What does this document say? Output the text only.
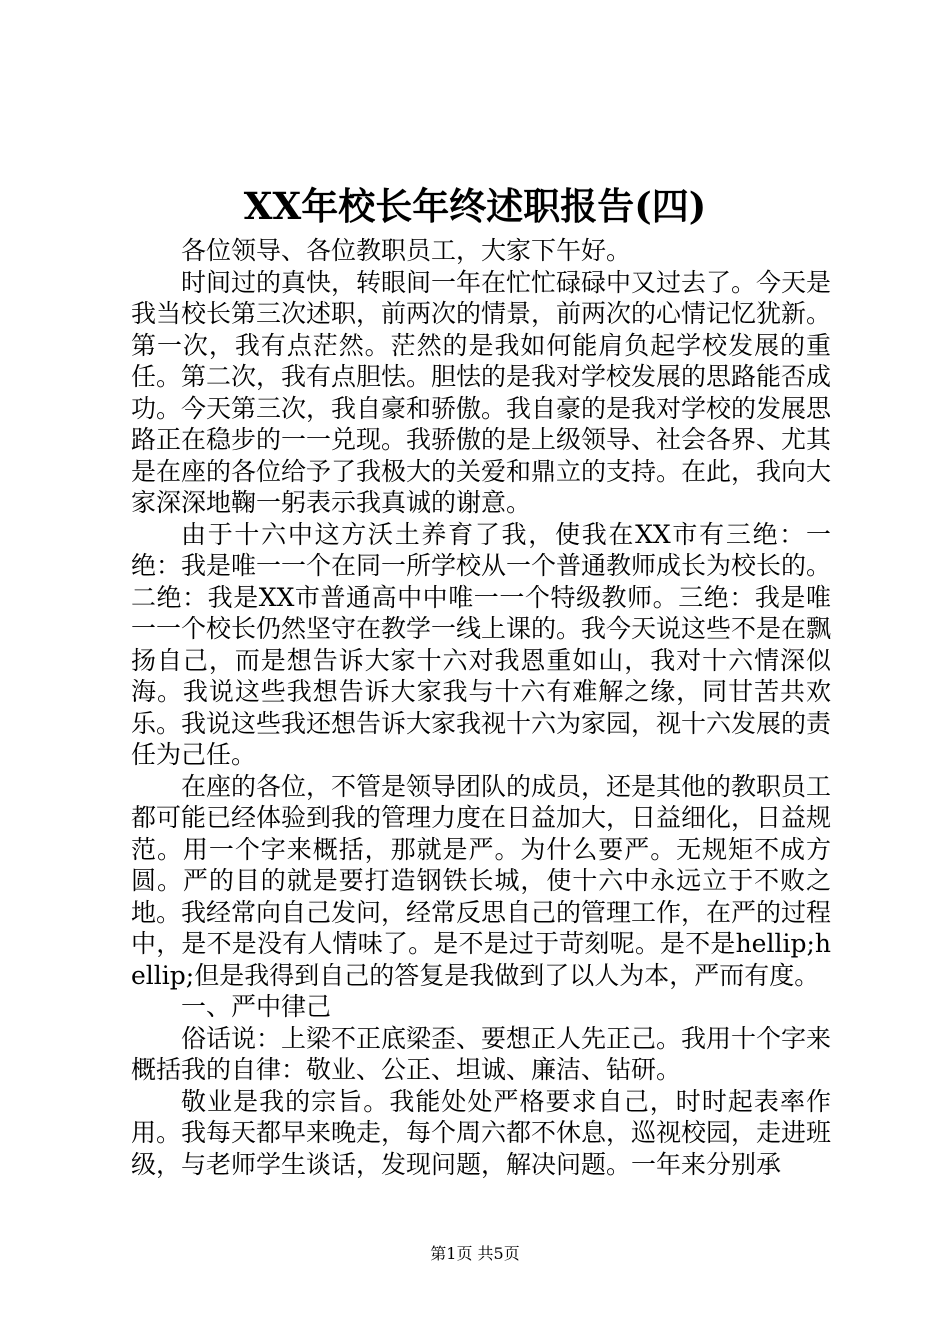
XX年校长年终述职报告(四)

各位领导、各位教职员工，大家下午好。

时间过的真快，转眼间一年在忙忙碌碌中又过去了。今天是我当校长第三次述职，前两次的情景，前两次的心情记忆犹新。第一次，我有点茫然。茫然的是我如何能肩负起学校发展的重任。第二次，我有点胆怯。胆怯的是我对学校发展的思路能否成功。今天第三次，我自豪和骄傲。我自豪的是我对学校的发展思路正在稳步的一一兑现。我骄傲的是上级领导、社会各界、尤其是在座的各位给予了我极大的关爱和鼎立的支持。在此，我向大家深深地鞠一躬表示我真诚的谢意。

由于十六中这方沃土养育了我，使我在XX市有三绝：一绝：我是唯一一个在同一所学校从一个普通教师成长为校长的。二绝：我是XX市普通高中中唯一一个特级教师。三绝：我是唯一一个校长仍然坚守在教学一线上课的。我今天说这些不是在飘扬自己，而是想告诉大家十六对我恩重如山，我对十六情深似海。我说这些我想告诉大家我与十六有难解之缘，同甘苦共欢乐。我说这些我还想告诉大家我视十六为家园，视十六发展的责任为己任。

在座的各位，不管是领导团队的成员，还是其他的教职员工都可能已经体验到我的管理力度在日益加大，日益细化，日益规范。用一个字来概括，那就是严。为什么要严。无规矩不成方圆。严的目的就是要打造钢铁长城，使十六中永远立于不败之地。我经常向自己发问，经常反思自己的管理工作，在严的过程中，是不是没有人情味了。是不是过于苛刻呢。是不是hellip;hellip;但是我得到自己的答复是我做到了以人为本，严而有度。

一、严中律己

俗话说：上梁不正底梁歪、要想正人先正己。我用十个字来概括我的自律：敬业、公正、坦诚、廉洁、钻研。

敬业是我的宗旨。我能处处严格要求自己，时时起表率作用。我每天都早来晚走，每个周六都不休息，巡视校园，走进班级，与老师学生谈话，发现问题，解决问题。一年来分别承

第1页 共5页
